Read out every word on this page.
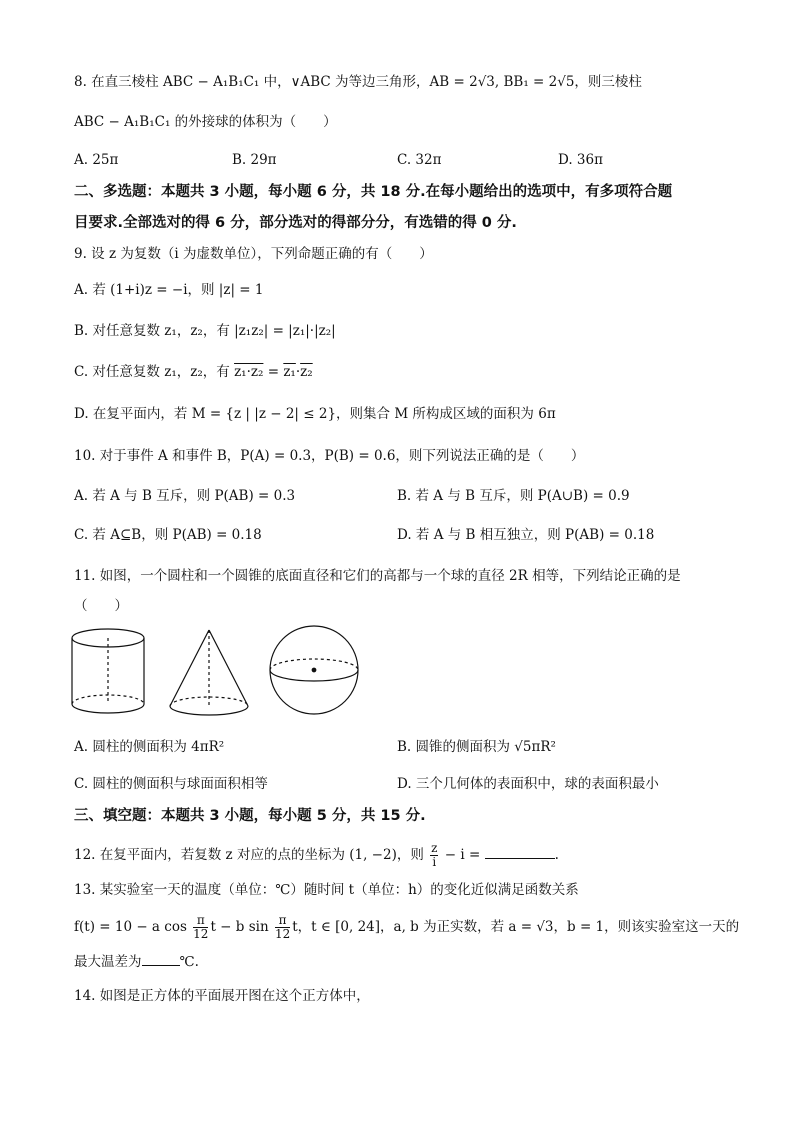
8. 在直三棱柱 ABC − A₁B₁C₁ 中，∨ABC 为等边三角形，AB = 2√3, BB₁ = 2√5，则三棱柱
ABC − A₁B₁C₁ 的外接球的体积为（　　）
A. 25π	B. 29π	C. 32π	D. 36π
二、多选题：本题共 3 小题，每小题 6 分，共 18 分.在每小题给出的选项中，有多项符合题
目要求.全部选对的得 6 分，部分选对的得部分分，有选错的得 0 分.
9. 设 z 为复数（i 为虚数单位），下列命题正确的有（　　）
A. 若 (1+i)z = −i，则 |z| = 1
B. 对任意复数 z₁，z₂，有 |z₁z₂| = |z₁|·|z₂|
C. 对任意复数 z₁，z₂，有 z₁·z₂ = z₁·z₂
D. 在复平面内，若 M = {z | |z − 2| ≤ 2}，则集合 M 所构成区域的面积为 6π
10. 对于事件 A 和事件 B，P(A) = 0.3，P(B) = 0.6，则下列说法正确的是（　　）
A. 若 A 与 B 互斥，则 P(AB) = 0.3	B. 若 A 与 B 互斥，则 P(A∪B) = 0.9
C. 若 A⊆B，则 P(AB) = 0.18	D. 若 A 与 B 相互独立，则 P(AB) = 0.18
11. 如图，一个圆柱和一个圆锥的底面直径和它们的高都与一个球的直径 2R 相等，下列结论正确的是
（　　）
A. 圆柱的侧面积为 4πR²	B. 圆锥的侧面积为 √5πR²
C. 圆柱的侧面积与球面面积相等	D. 三个几何体的表面积中，球的表面积最小
三、填空题：本题共 3 小题，每小题 5 分，共 15 分.
12. 在复平面内，若复数 z 对应的点的坐标为 (1, −2)，则 $\frac{z}{i} - i$ =	.
13. 某实验室一天的温度（单位：℃）随时间 t（单位：h）的变化近似满足函数关系
f(t) = 10 − a $\cos \frac{\pi}{12}$ t − b $\sin \frac{\pi}{12}$ t，t ∈ [0, 24]，a, b 为正实数，若 a = √3，b = 1，则该实验室这一天的
最大温差为	℃.
14. 如图是正方体的平面展开图在这个正方体中，
